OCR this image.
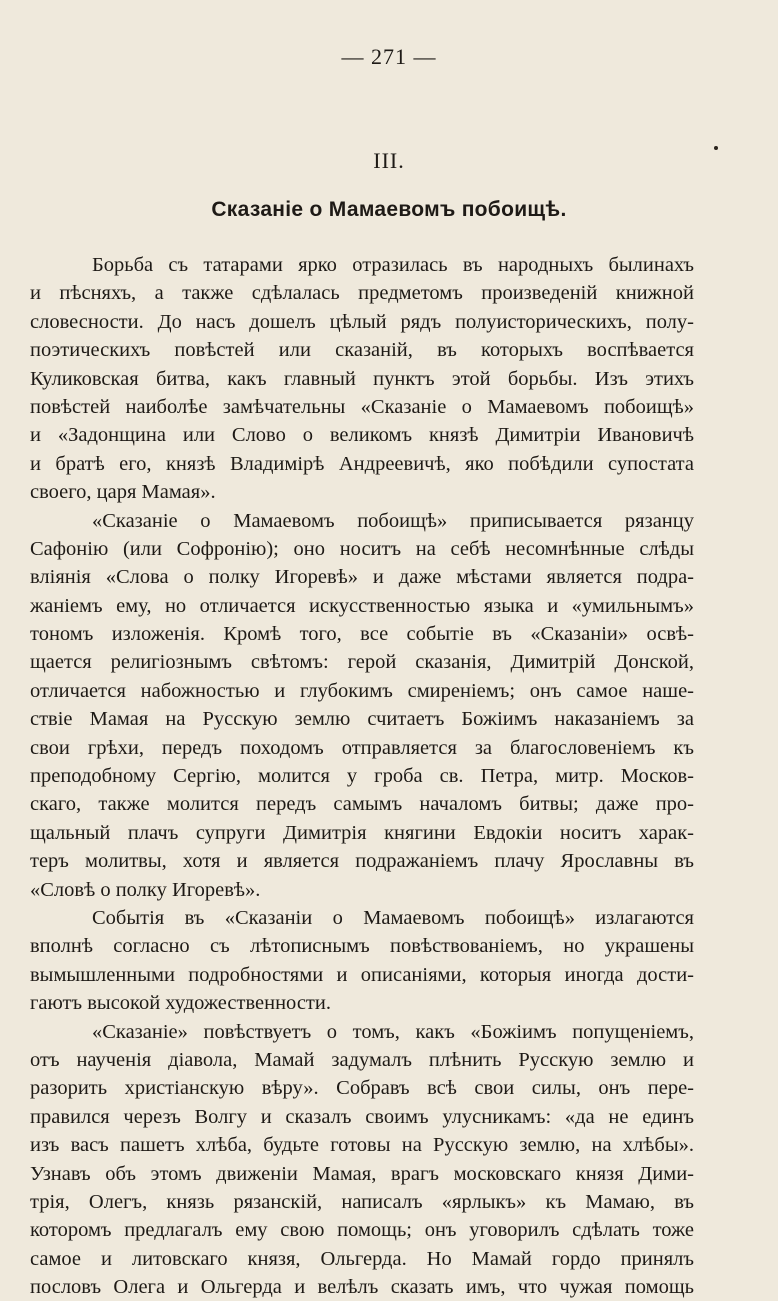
— 271 —
III.
Сказаніе о Мамаевомъ побоищѣ.
Борьба съ татарами ярко отразилась въ народныхъ былинахъ
и пѣсняхъ, а также сдѣлалась предметомъ произведеній книжной
словесности. До насъ дошелъ цѣлый рядъ полуисторическихъ, полу-
поэтическихъ повѣстей или сказаній, въ которыхъ воспѣвается
Куликовская битва, какъ главный пунктъ этой борьбы. Изъ этихъ
повѣстей наиболѣе замѣчательны «Сказаніе о Мамаевомъ побоищѣ»
и «Задонщина или Слово о великомъ князѣ Димитріи Ивановичѣ
и братѣ его, князѣ Владимірѣ Андреевичѣ, яко побѣдили супостата
своего, царя Мамая».
«Сказаніе о Мамаевомъ побоищѣ» приписывается рязанцу
Сафонію (или Софронію); оно носитъ на себѣ несомнѣнные слѣды
вліянія «Слова о полку Игоревѣ» и даже мѣстами является подра-
жаніемъ ему, но отличается искусственностью языка и «умильнымъ»
тономъ изложенія. Кромѣ того, все событіе въ «Сказаніи» освѣ-
щается религіознымъ свѣтомъ: герой сказанія, Димитрій Донской,
отличается набожностью и глубокимъ смиреніемъ; онъ самое наше-
ствіе Мамая на Русскую землю считаетъ Божіимъ наказаніемъ за
свои грѣхи, передъ походомъ отправляется за благословеніемъ къ
преподобному Сергію, молится у гроба св. Петра, митр. Москов-
скаго, также молится передъ самымъ началомъ битвы; даже про-
щальный плачъ супруги Димитрія княгини Евдокіи носитъ харак-
теръ молитвы, хотя и является подражаніемъ плачу Ярославны въ
«Словѣ о полку Игоревѣ».
Событія въ «Сказаніи о Мамаевомъ побоищѣ» излагаются
вполнѣ согласно съ лѣтописнымъ повѣствованіемъ, но украшены
вымышленными подробностями и описаніями, которыя иногда дости-
гаютъ высокой художественности.
«Сказаніе» повѣствуетъ о томъ, какъ «Божіимъ попущеніемъ,
отъ наученія діавола, Мамай задумалъ плѣнить Русскую землю и
разорить христіанскую вѣру». Собравъ всѣ свои силы, онъ пере-
правился черезъ Волгу и сказалъ своимъ улусникамъ: «да не единъ
изъ васъ пашетъ хлѣба, будьте готовы на Русскую землю, на хлѣбы».
Узнавъ объ этомъ движеніи Мамая, врагъ московскаго князя Дими-
трія, Олегъ, князь рязанскій, написалъ «ярлыкъ» къ Мамаю, въ
которомъ предлагалъ ему свою помощь; онъ уговорилъ сдѣлать тоже
самое и литовскаго князя, Ольгерда. Но Мамай гордо принялъ
пословъ Олега и Ольгерда и велѣлъ сказать имъ, что чужая помощь
